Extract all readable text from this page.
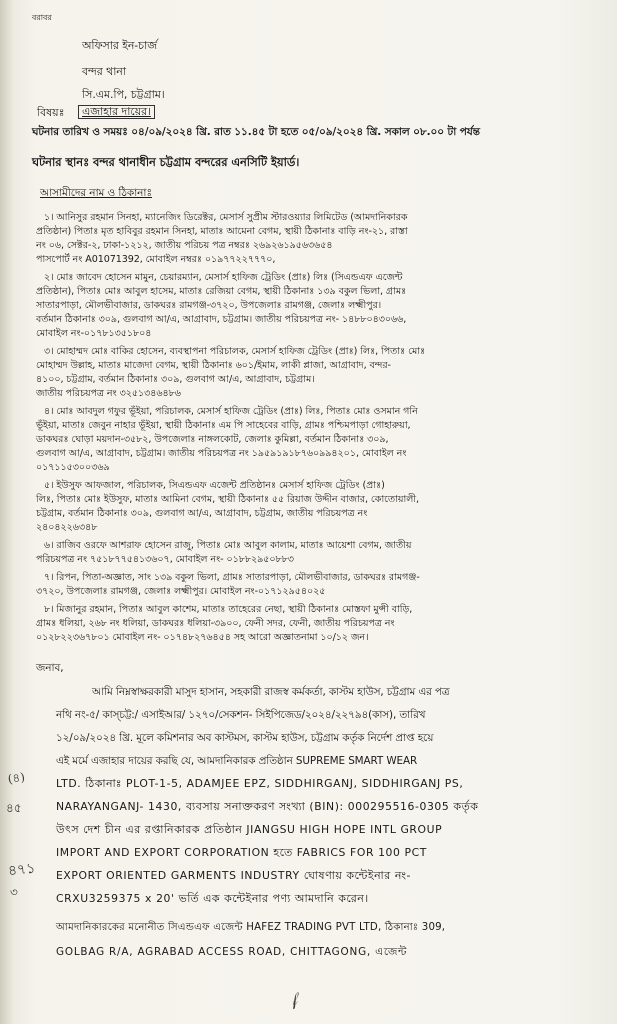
বরাবর
অফিসার ইন-চার্জ
বন্দর থানা
সি.এম.পি, চট্টগ্রাম।
বিষয়ঃ	এজাহার দায়ের।
ঘটনার তারিখ ও সময়ঃ ০৪/০৯/২০২৪ খ্রি. রাত ১১.৪৫ টা হতে ০৫/০৯/২০২৪ খ্রি. সকাল ০৮.০০ টা পর্যন্ত
ঘটনার স্থানঃ বন্দর থানাধীন চট্টগ্রাম বন্দরের এনসিটি ইয়ার্ড।
আসামীদের নাম ও ঠিকানাঃ
১। আনিসুর রহমান সিনহা, ম্যানেজিং ডিরেক্টর, মেসার্স সুপ্রীম স্টারওয়্যার লিমিটেড (আমদানিকারক
প্রতিষ্ঠান) পিতাঃ মৃত হাবিবুর রহমান সিনহা, মাতাঃ আমেনা বেগম, স্থায়ী ঠিকানাঃ বাড়ি নং-২১, রাস্তা
নং ০৬, সেক্টর-২, ঢাকা-১২১২, জাতীয় পরিচয় পত্র নম্বরঃ ২৬৯২৬১৯৫৬৩৬৫৪
পাসপোর্ট নং A01071392, মোবাইল নম্বরঃ ০১৯৭৭২২৭৭৭০,
২। মোঃ জাবেদ হোসেন মামুন, চেয়ারম্যান, মেসার্স হাফিজ ট্রেডিং (প্রাঃ) লিঃ (সিএন্ডএফ এজেন্ট
প্রতিষ্ঠান), পিতাঃ মোঃ আবুল হাসেম, মাতাঃ রেজিয়া বেগম, স্থায়ী ঠিকানাঃ ১৩৯ বকুল ভিলা, গ্রামঃ
সাতারপাড়া, মৌলভীবাজার, ডাকঘরঃ রামগঞ্জ-৩৭২০, উপজেলাঃ রামগঞ্জ, জেলাঃ লক্ষ্মীপুর।
বর্তমান ঠিকানাঃ ৩০৯, গুলবাগ আ/এ, আগ্রাবাদ, চট্টগ্রাম। জাতীয় পরিচয়পত্র নং- ১৪৮৮০৪৩০৬৬,
মোবাইল নং-০১৭৮১৩৫১৮০৪
৩। মোহাম্মদ মোঃ বাকির হোসেন, ব্যবস্থাপনা পরিচালক, মেসার্স হাফিজ ট্রেডিং (প্রাঃ) লিঃ, পিতাঃ মোঃ
মোহাম্মদ উল্লাহ, মাতাঃ মাজেদা বেগম, স্থায়ী ঠিকানাঃ ৬০১/ইমাম, লাকী প্লাজা, আগ্রাবাদ, বন্দর-
৪১০০, চট্টগ্রাম, বর্তমান ঠিকানাঃ ৩০৯, গুলবাগ আ/এ, আগ্রাবাদ, চট্টগ্রাম।
জাতীয় পরিচয়পত্র নং ৩২৫১৩৪৬৪৮৬
৪। মোঃ আবদুল গফুর ভূঁইয়া, পরিচালক, মেসার্স হাফিজ ট্রেডিং (প্রাঃ) লিঃ, পিতাঃ মোঃ ওসমান গনি
ভূঁইয়া, মাতাঃ জেবুন নাহার ভূঁইয়া, স্থায়ী ঠিকানাঃ এম পি সাহেবের বাড়ি, গ্রামঃ পশ্চিমপাড়া গোহারুয়া,
ডাকঘরঃ ঘোড়া ময়দান-৩৫৮২, উপজেলাঃ নাঙ্গলকোট, জেলাঃ কুমিল্লা, বর্তমান ঠিকানাঃ ৩০৯,
গুলবাগ আ/এ, আগ্রাবাদ, চট্টগ্রাম। জাতীয় পরিচয়পত্র নং ১৯৫৯১৯১৮৭৬০৯৯৪২০১, মোবাইল নং
০১৭১১৫৩০০৩৬৯
৫। ইউসুফ আফজাল, পরিচালক, সিএন্ডএফ এজেন্ট প্রতিষ্ঠানঃ মেসার্স হাফিজ ট্রেডিং (প্রাঃ)
লিঃ, পিতাঃ মোঃ ইউসুফ, মাতাঃ আমিনা বেগম, স্থায়ী ঠিকানাঃ ৫৫ রিয়াজ উদ্দীন বাজার, কোতোয়ালী,
চট্টগ্রাম, বর্তমান ঠিকানাঃ ৩০৯, গুলবাগ আ/এ, আগ্রাবাদ, চট্টগ্রাম, জাতীয় পরিচয়পত্র নং
২৪০৪২২৬৩৪৮
৬। রাজিব ওরফে আশরাফ হোসেন রাজু, পিতাঃ মোঃ আবুল কালাম, মাতাঃ আয়েশা বেগম, জাতীয়
পরিচয়পত্র নং ৭৫১৮৭৭৫৪১৩৬০৭, মোবাইল নং- ০১৮৮২৯৫০৮৮৩
৭। রিপন, পিতা-অজ্ঞাত, সাং ১৩৯ বকুল ভিলা, গ্রামঃ সাতারপাড়া, মৌলভীবাজার, ডাকঘরঃ রামগঞ্জ-
৩৭২০, উপজেলাঃ রামগঞ্জ, জেলাঃ লক্ষ্মীপুর। মোবাইল নং-০১৭১২৯৫৪০২৫
৮। মিজানুর রহমান, পিতাঃ আবুল কাশেম, মাতাঃ তাহেরের নেছা, স্থায়ী ঠিকানাঃ মোস্তফা মুন্সী বাড়ি,
গ্রামঃ ধলিয়া, ২৬৮ নং ধলিয়া, ডাকঘরঃ ধলিয়া-৩৯০০, ফেনী সদর, ফেনী, জাতীয় পরিচয়পত্র নং
০১২৮২২৩৬৭৮০১ মোবাইল নং- ০১৭৪৮২৭৬৪৫৪ সহ আরো অজ্ঞাতনামা ১০/১২ জন।
জনাব,
আমি নিম্নস্বাক্ষরকারী মাসুদ হাসান, সহকারী রাজস্ব কর্মকর্তা, কাস্টম হাউস, চট্টগ্রাম এর পত্র
নথি নং-৫/ কাস্চট্ট:/ এসাইআর/ ১২৭০/সেকশন- সিইপিজেড/২০২৪/২২৭৯৪(কাস), তারিখ
১২/০৯/২০২৪ খ্রি. মূলে কমিশনার অব কাস্টমস, কাস্টম হাউস, চট্টগ্রাম কর্তৃক নির্দেশ প্রাপ্ত হয়ে
এই মর্মে এজাহার দায়ের করছি যে, আমদানিকারক প্রতিষ্ঠান SUPREME SMART WEAR
LTD. ঠিকানাঃ PLOT-1-5, ADAMJEE EPZ, SIDDHIRGANJ, SIDDHIRGANJ PS,
NARAYANGANJ- 1430, ব্যবসায় সনাক্তকরণ সংখ্যা (BIN): 000295516-0305 কর্তৃক
উৎস দেশ চীন এর রপ্তানিকারক প্রতিষ্ঠান JIANGSU HIGH HOPE INTL GROUP
IMPORT AND EXPORT CORPORATION হতে FABRICS FOR 100 PCT
EXPORT ORIENTED GARMENTS INDUSTRY ঘোষণায় কন্টেইনার নং-
CRXU3259375 x 20' ভর্তি এক কন্টেইনার পণ্য আমদানি করেন।
আমদানিকারকের মনোনীত সিএন্ডএফ এজেন্ট HAFEZ TRADING PVT LTD, ঠিকানাঃ 309,
GOLBAG R/A, AGRABAD ACCESS ROAD, CHITTAGONG, এজেন্ট
(৪)
৪৫
৪৭১
৩
𝒻
